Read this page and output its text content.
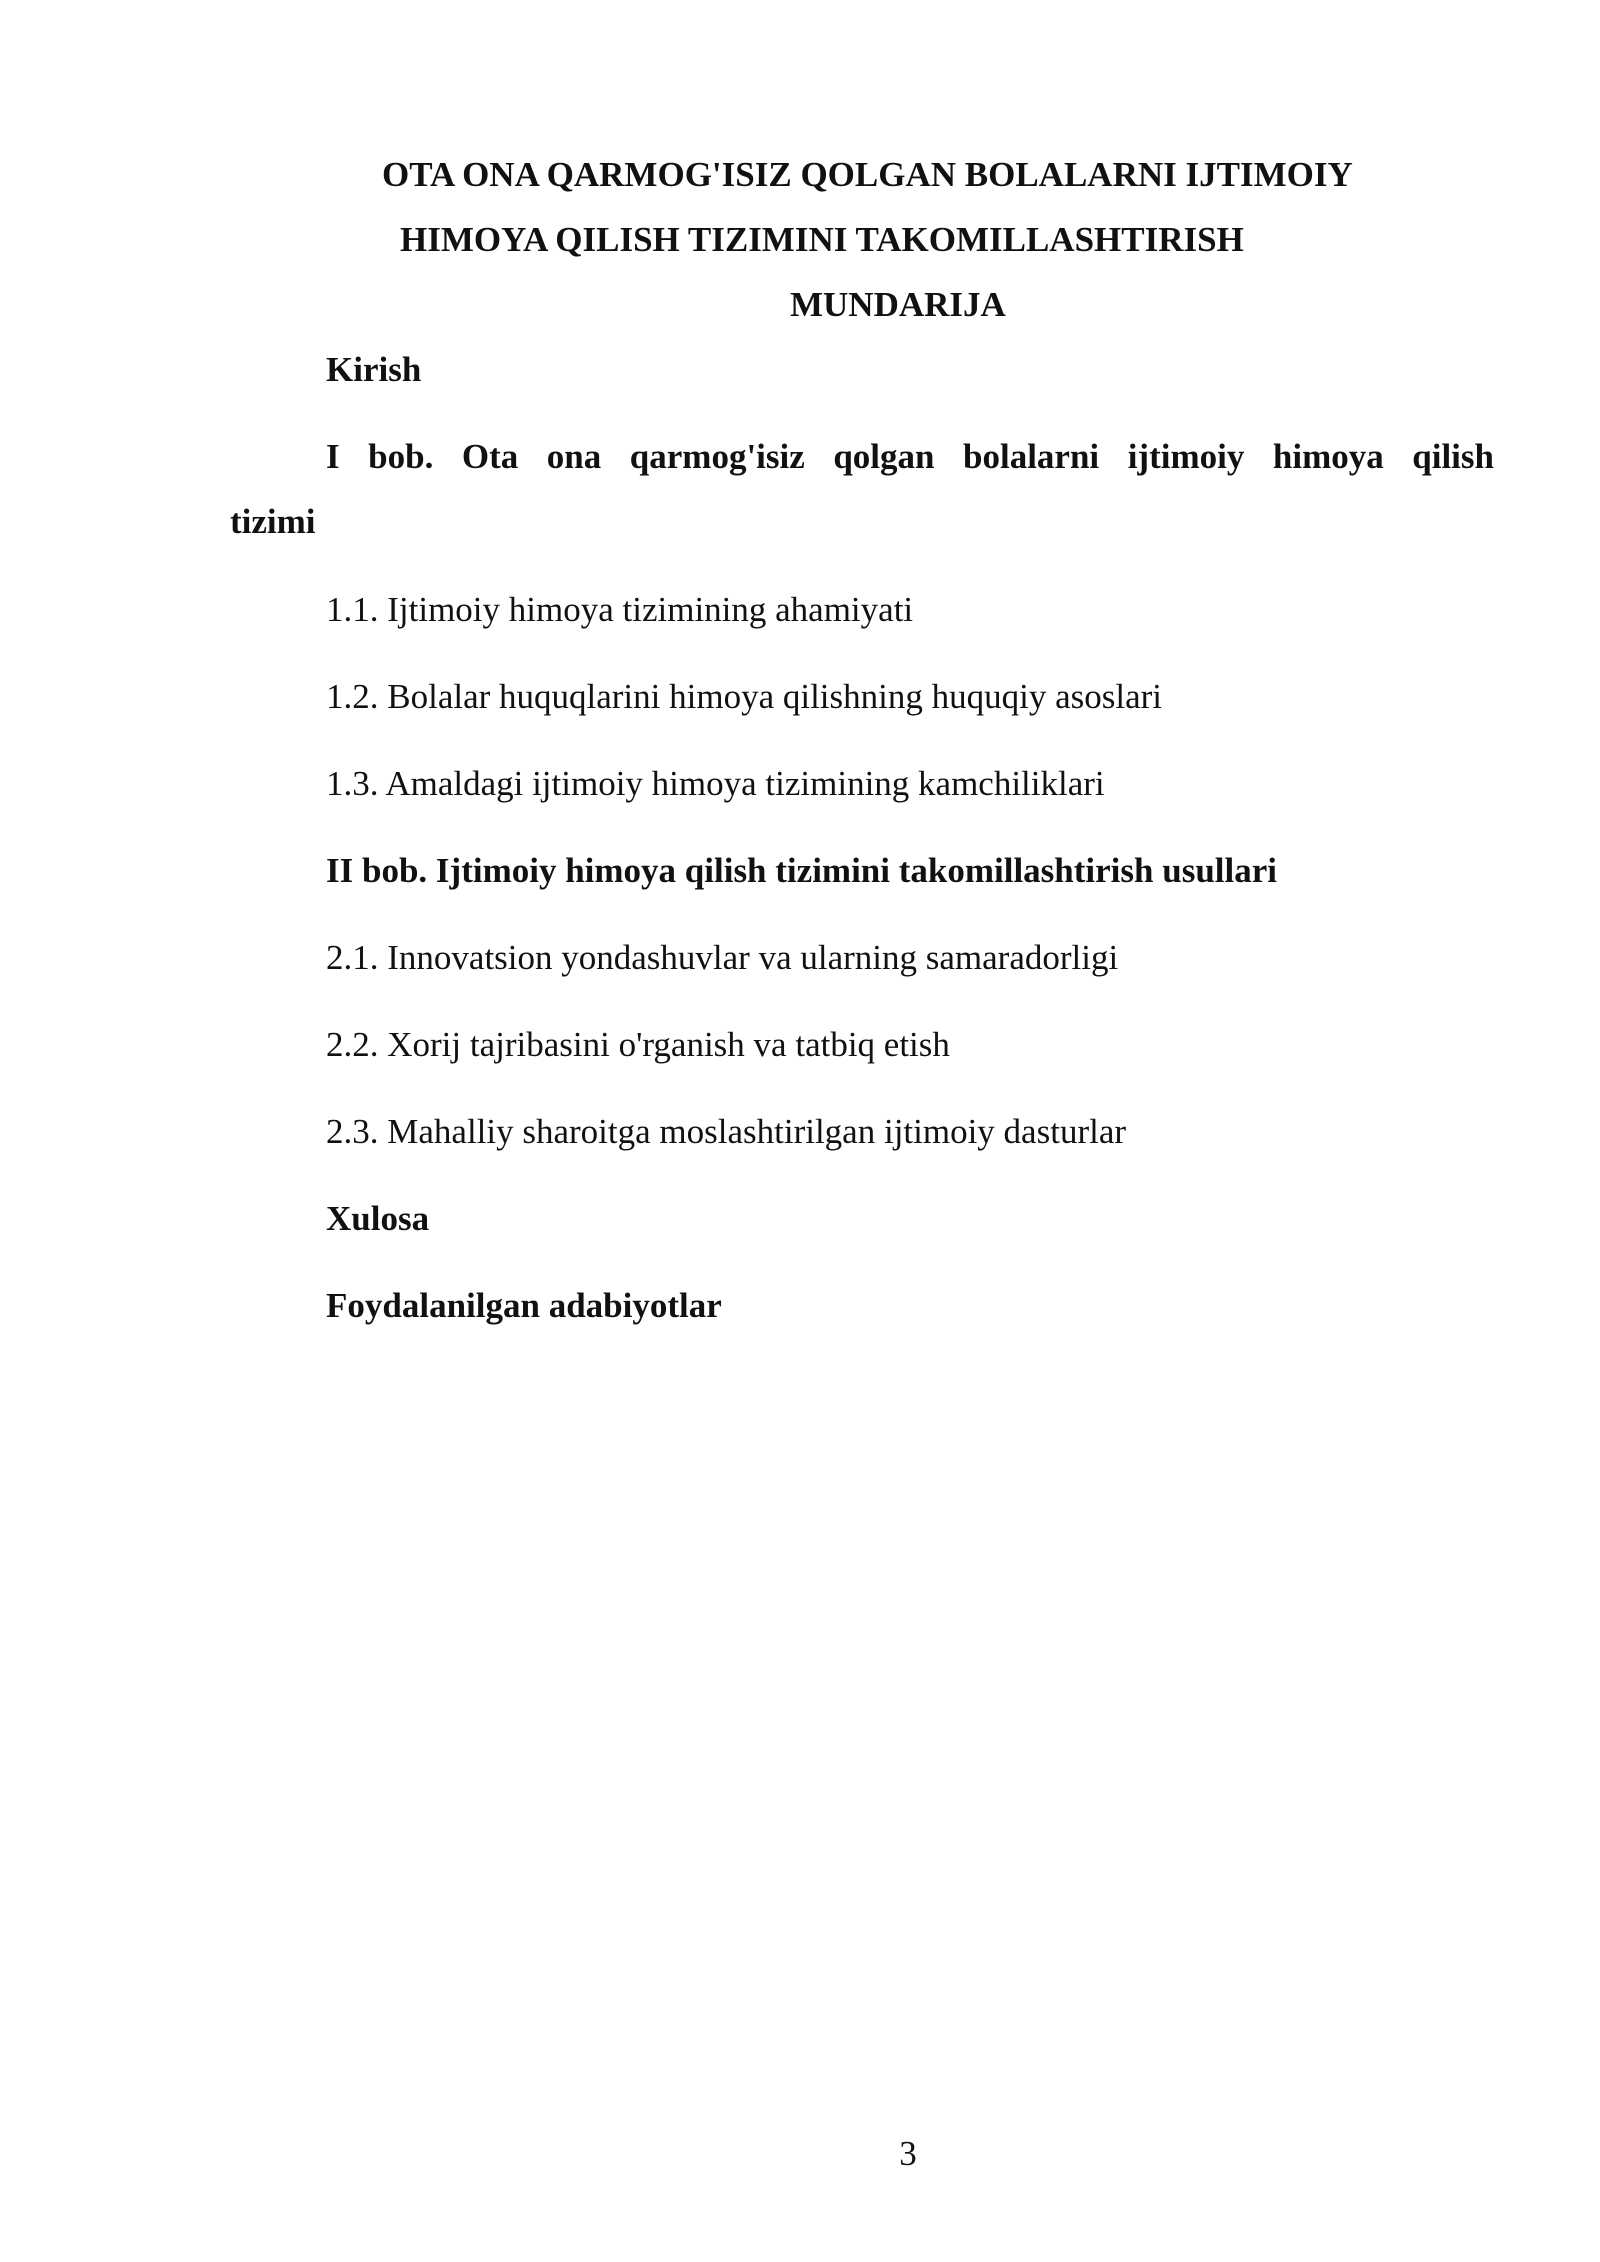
OTA ONA QARMOG'ISIZ QOLGAN BOLALARNI IJTIMOIY
HIMOYA QILISH TIZIMINI TAKOMILLASHTIRISH
MUNDARIJA
Kirish
I bob. Ota ona qarmog'isiz qolgan bolalarni ijtimoiy himoya qilish
tizimi
1.1. Ijtimoiy himoya tizimining ahamiyati
1.2. Bolalar huquqlarini himoya qilishning huquqiy asoslari
1.3. Amaldagi ijtimoiy himoya tizimining kamchiliklari
II bob. Ijtimoiy himoya qilish tizimini takomillashtirish usullari
2.1. Innovatsion yondashuvlar va ularning samaradorligi
2.2. Xorij tajribasini o'rganish va tatbiq etish
2.3. Mahalliy sharoitga moslashtirilgan ijtimoiy dasturlar
Xulosa
Foydalanilgan adabiyotlar
3
